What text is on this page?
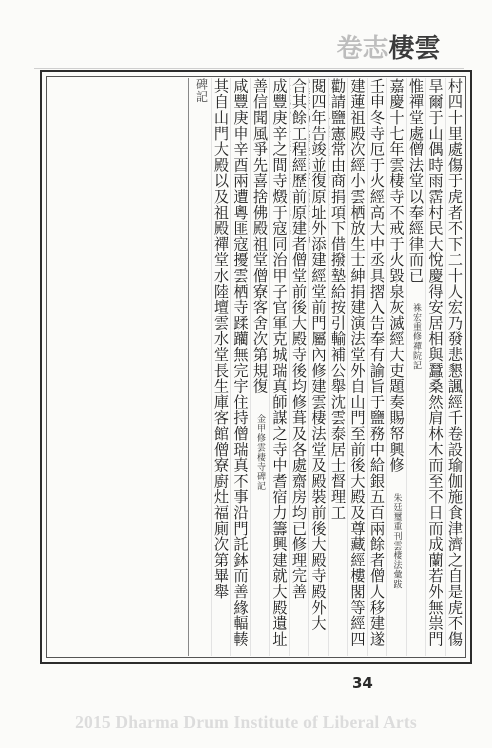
雲棲志卷
村四十里處傷于虎者不下二十人宏乃發悲懇諷經千卷設瑜伽施食津濟之自是虎不傷
旱爾于山偶時雨霑村民大悅慶得安居相與蠶桑然肩林木而至不日而成蘭若外無祟門
惟禪堂處僧法堂以奉經律而已祩宏重修禪院記
嘉慶十七年雲棲寺不戒于火毀泉灰滅經大吏題奏賜帑興修朱廷璽重刊雲棲法彙跋
壬申冬寺厄于火經高大中丞具摺入告奉有諭旨于鹽務中給銀五百兩餘者僧人移建遂
建蓮祖殿次經小雲栖放生士紳捐建演法堂外自山門至前後大殿及尊藏經樓閣等經四
勸請鹽憲常由商捐項下借撥墊給按引輸補公舉沈雲泰居士督理工
工癸酉五月十二日
丁丑正月始竣所
閱四年告竣並復原址外添建經堂前門屬內修建雲棲法堂及殿裝前後大殿寺殿外大
建殿自嘉慶壬申年始
寺修葺一切工程俱全
合其餘工程經歷前原建者僧堂前後大殿寺後均修葺及各處齋房均已修理完善
自嘉慶十七年六月起
至道光元年止報竣
成豐庚辛之間寺燬于寇同治甲子官軍克城瑞真師謀之寺中耆宿力籌興建就大殿遺址
善信聞風爭先喜捨佛殿祖堂僧寮客舍次第規復金甲修雲棲寺碑記
咸豐庚申辛酉兩遭粵匪寇擾雲栖寺蹂躪無完宇住持僧瑞真不事沿門託鉢而善緣輻輳
其自山門大殿以及祖殿禪堂水陸壇雲水堂長生庫客館僧寮廚灶福廁次第畢舉
碑記
34
2015 Dharma Drum Institute of Liberal Arts
